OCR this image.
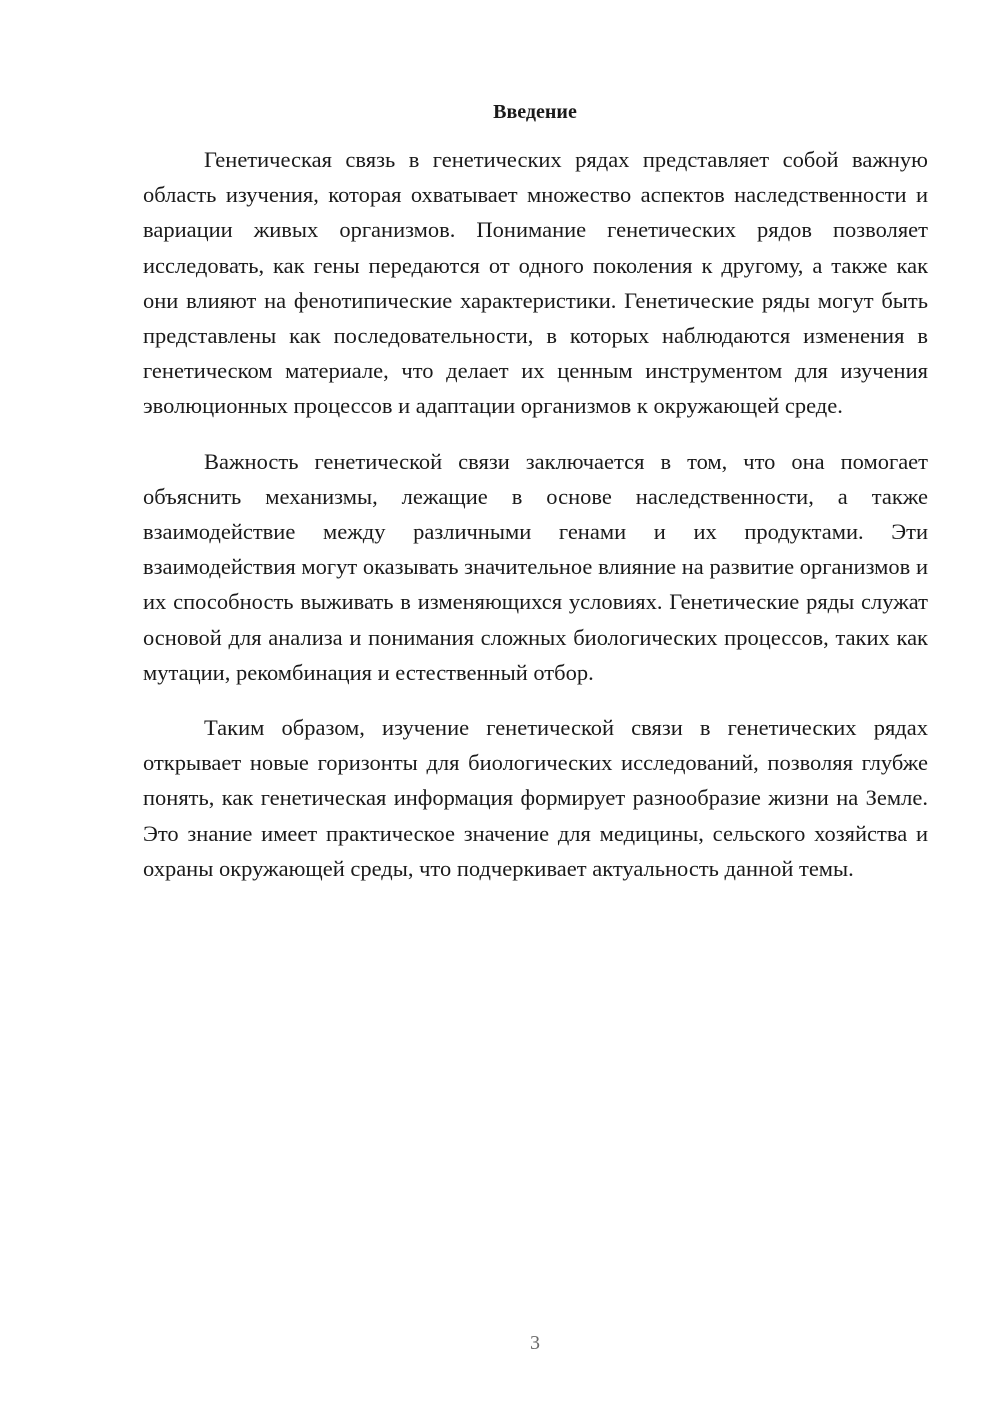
Введение

Генетическая связь в генетических рядах представляет собой важную область изучения, которая охватывает множество аспектов наследственности и вариации живых организмов. Понимание генетических рядов позволяет исследовать, как гены передаются от одного поколения к другому, а также как они влияют на фенотипические характеристики. Генетические ряды могут быть представлены как последовательности, в которых наблюдаются изменения в генетическом материале, что делает их ценным инструментом для изучения эволюционных процессов и адаптации организмов к окружающей среде.

Важность генетической связи заключается в том, что она помогает объяснить механизмы, лежащие в основе наследственности, а также взаимодействие между различными генами и их продуктами. Эти взаимодействия могут оказывать значительное влияние на развитие организмов и их способность выживать в изменяющихся условиях. Генетические ряды служат основой для анализа и понимания сложных биологических процессов, таких как мутации, рекомбинация и естественный отбор.

Таким образом, изучение генетической связи в генетических рядах открывает новые горизонты для биологических исследований, позволяя глубже понять, как генетическая информация формирует разнообразие жизни на Земле. Это знание имеет практическое значение для медицины, сельского хозяйства и охраны окружающей среды, что подчеркивает актуальность данной темы.

3
